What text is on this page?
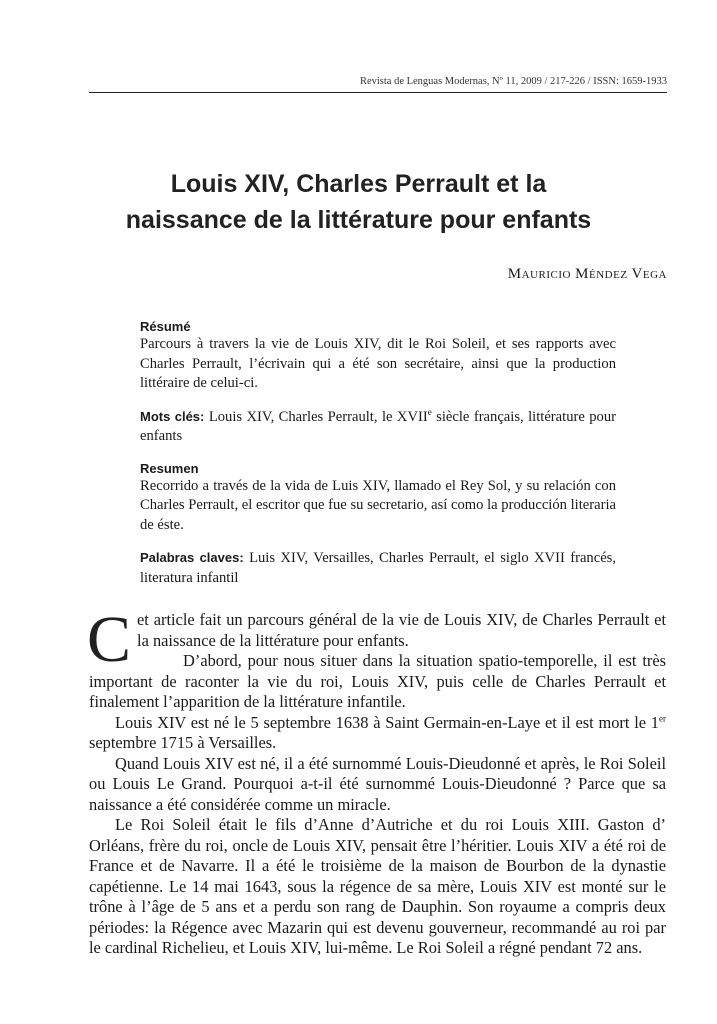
Revista de Lenguas Modernas, Nº 11, 2009 / 217-226 / ISSN: 1659-1933
Louis XIV, Charles Perrault et la
naissance de la littérature pour enfants
Mauricio Méndez Vega
Résumé
Parcours à travers la vie de Louis XIV, dit le Roi Soleil, et ses rapports avec Charles Perrault, l’écrivain qui a été son secrétaire, ainsi que la production littéraire de celui-ci.
Mots clés: Louis XIV, Charles Perrault, le XVIIe siècle français, littérature pour enfants
Resumen
Recorrido a través de la vida de Luis XIV, llamado el Rey Sol, y su relación con Charles Perrault, el escritor que fue su secretario, así como la producción literaria de éste.
Palabras claves: Luis XIV, Versailles, Charles Perrault, el siglo XVII francés, literatura infantil

Cet article fait un parcours général de la vie de Louis XIV, de Charles Perrault et la naissance de la littérature pour enfants.

D’abord, pour nous situer dans la situation spatio-temporelle, il est très important de raconter la vie du roi, Louis XIV, puis celle de Charles Perrault et finalement l’apparition de la littérature infantile.

Louis XIV est né le 5 septembre 1638 à Saint Germain-en-Laye et il est mort le 1er septembre 1715 à Versailles.

Quand Louis XIV est né, il a été surnommé Louis-Dieudonné et après, le Roi Soleil ou Louis Le Grand. Pourquoi a-t-il été surnommé Louis-Dieudonné ? Parce que sa naissance a été considérée comme un miracle.

Le Roi Soleil était le fils d’Anne d’Autriche et du roi Louis XIII. Gaston d’ Orléans, frère du roi, oncle de Louis XIV, pensait être l’héritier. Louis XIV a été roi de France et de Navarre. Il a été le troisième de la maison de Bourbon de la dynastie capétienne. Le 14 mai 1643, sous la régence de sa mère, Louis XIV est monté sur le trône à l’âge de 5 ans et a perdu son rang de Dauphin. Son royaume a compris deux périodes: la Régence avec Mazarin qui est devenu gouverneur, recommandé au roi par le cardinal Richelieu, et Louis XIV, lui-même. Le Roi Soleil a régné pendant 72 ans.
